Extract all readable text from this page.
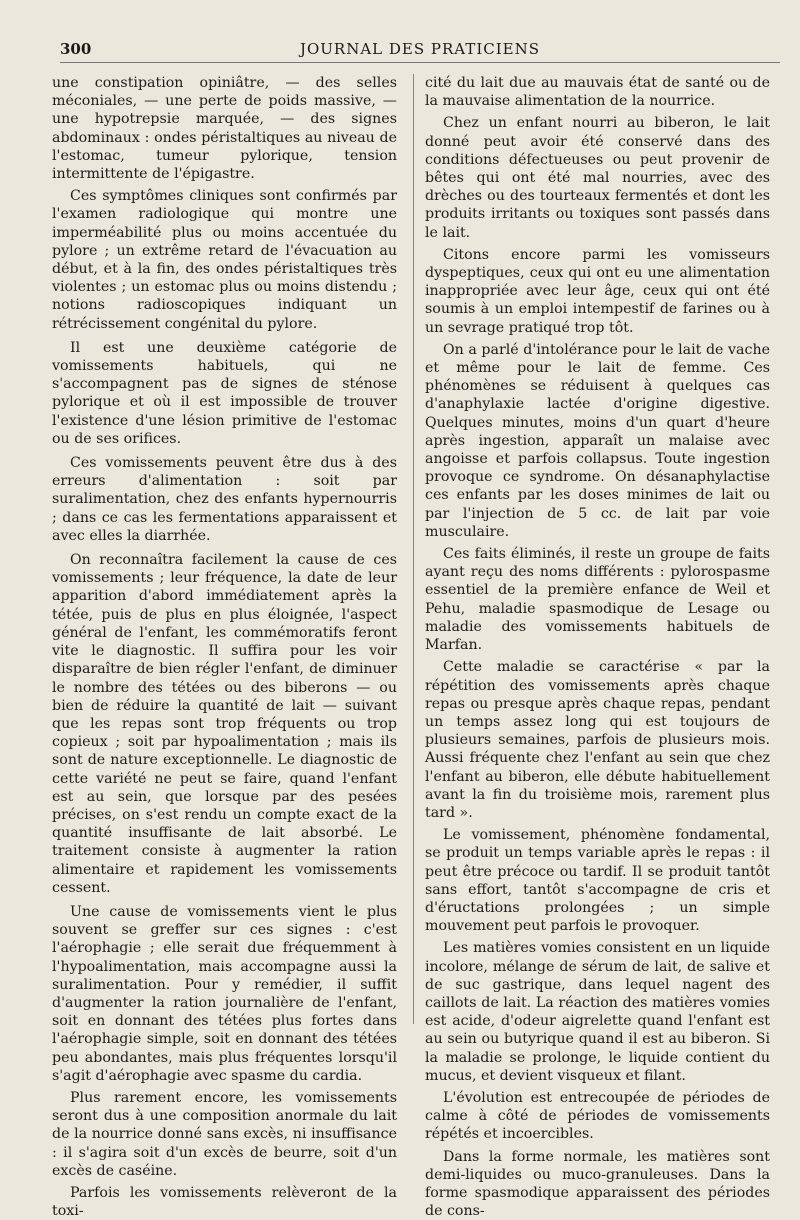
300	JOURNAL DES PRATICIENS

une constipation opiniâtre, — des selles méconiales, — une perte de poids massive, — une hypotrepsie marquée, — des signes abdominaux : ondes péristaltiques au niveau de l'estomac, tumeur pylorique, tension intermittente de l'épigastre.

Ces symptômes cliniques sont confirmés par l'examen radiologique qui montre une imperméabilité plus ou moins accentuée du pylore ; un extrême retard de l'évacuation au début, et à la fin, des ondes péristaltiques très violentes ; un estomac plus ou moins distendu ; notions radioscopiques indiquant un rétrécissement congénital du pylore.

Il est une deuxième catégorie de vomissements habituels, qui ne s'accompagnent pas de signes de sténose pylorique et où il est impossible de trouver l'existence d'une lésion primitive de l'estomac ou de ses orifices.

Ces vomissements peuvent être dus à des erreurs d'alimentation : soit par suralimentation, chez des enfants hypernourris ; dans ce cas les fermentations apparaissent et avec elles la diarrhée.

On reconnaîtra facilement la cause de ces vomissements ; leur fréquence, la date de leur apparition d'abord immédiatement après la tétée, puis de plus en plus éloignée, l'aspect général de l'enfant, les commémoratifs feront vite le diagnostic. Il suffira pour les voir disparaître de bien régler l'enfant, de diminuer le nombre des tétées ou des biberons — ou bien de réduire la quantité de lait — suivant que les repas sont trop fréquents ou trop copieux ; soit par hypoalimentation ; mais ils sont de nature exceptionnelle. Le diagnostic de cette variété ne peut se faire, quand l'enfant est au sein, que lorsque par des pesées précises, on s'est rendu un compte exact de la quantité insuffisante de lait absorbé. Le traitement consiste à augmenter la ration alimentaire et rapidement les vomissements cessent.

Une cause de vomissements vient le plus souvent se greffer sur ces signes : c'est l'aérophagie ; elle serait due fréquemment à l'hypoalimentation, mais accompagne aussi la suralimentation. Pour y remédier, il suffit d'augmenter la ration journalière de l'enfant, soit en donnant des tétées plus fortes dans l'aérophagie simple, soit en donnant des tétées peu abondantes, mais plus fréquentes lorsqu'il s'agit d'aérophagie avec spasme du cardia.

Plus rarement encore, les vomissements seront dus à une composition anormale du lait de la nourrice donné sans excès, ni insuffisance : il s'agira soit d'un excès de beurre, soit d'un excès de caséine.

Parfois les vomissements relèveront de la toxi-

cité du lait due au mauvais état de santé ou de la mauvaise alimentation de la nourrice.

Chez un enfant nourri au biberon, le lait donné peut avoir été conservé dans des conditions défectueuses ou peut provenir de bêtes qui ont été mal nourries, avec des drèches ou des tourteaux fermentés et dont les produits irritants ou toxiques sont passés dans le lait.

Citons encore parmi les vomisseurs dyspeptiques, ceux qui ont eu une alimentation inappropriée avec leur âge, ceux qui ont été soumis à un emploi intempestif de farines ou à un sevrage pratiqué trop tôt.

On a parlé d'intolérance pour le lait de vache et même pour le lait de femme. Ces phénomènes se réduisent à quelques cas d'anaphylaxie lactée d'origine digestive. Quelques minutes, moins d'un quart d'heure après ingestion, apparaît un malaise avec angoisse et parfois collapsus. Toute ingestion provoque ce syndrome. On désanaphylactise ces enfants par les doses minimes de lait ou par l'injection de 5 cc. de lait par voie musculaire.

Ces faits éliminés, il reste un groupe de faits ayant reçu des noms différents : pylorospasme essentiel de la première enfance de Weil et Pehu, maladie spasmodique de Lesage ou maladie des vomissements habituels de Marfan.

Cette maladie se caractérise « par la répétition des vomissements après chaque repas ou presque après chaque repas, pendant un temps assez long qui est toujours de plusieurs semaines, parfois de plusieurs mois. Aussi fréquente chez l'enfant au sein que chez l'enfant au biberon, elle débute habituellement avant la fin du troisième mois, rarement plus tard ».

Le vomissement, phénomène fondamental, se produit un temps variable après le repas : il peut être précoce ou tardif. Il se produit tantôt sans effort, tantôt s'accompagne de cris et d'éructations prolongées ; un simple mouvement peut parfois le provoquer.

Les matières vomies consistent en un liquide incolore, mélange de sérum de lait, de salive et de suc gastrique, dans lequel nagent des caillots de lait. La réaction des matières vomies est acide, d'odeur aigrelette quand l'enfant est au sein ou butyrique quand il est au biberon. Si la maladie se prolonge, le liquide contient du mucus, et devient visqueux et filant.

L'évolution est entrecoupée de périodes de calme à côté de périodes de vomissements répétés et incoercibles.

Dans la forme normale, les matières sont demi-liquides ou muco-granuleuses. Dans la forme spasmodique apparaissent des périodes de cons-
